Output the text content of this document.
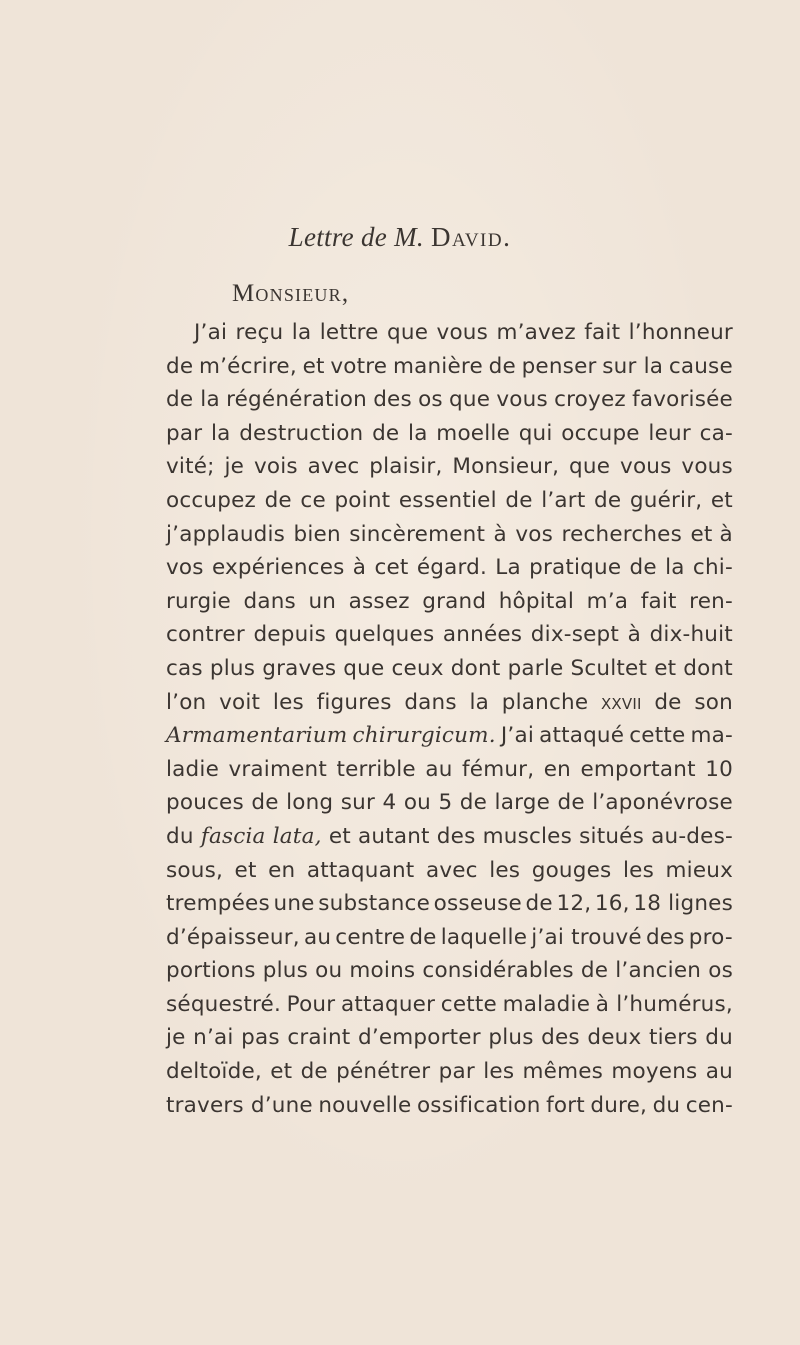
Lettre de M. David.
Monsieur,
J’ai reçu la lettre que vous m’avez fait l’honneur
de m’écrire, et votre manière de penser sur la cause
de la régénération des os que vous croyez favorisée
par la destruction de la moelle qui occupe leur ca-
vité; je vois avec plaisir, Monsieur, que vous vous
occupez de ce point essentiel de l’art de guérir, et
j’applaudis bien sincèrement à vos recherches et à
vos expériences à cet égard. La pratique de la chi-
rurgie dans un assez grand hôpital m’a fait ren-
contrer depuis quelques années dix-sept à dix-huit
cas plus graves que ceux dont parle Scultet et dont
l’on voit les figures dans la planche xxvii de son
Armamentarium chirurgicum. J’ai attaqué cette ma-
ladie vraiment terrible au fémur, en emportant 10
pouces de long sur 4 ou 5 de large de l’aponévrose
du fascia lata, et autant des muscles situés au-des-
sous, et en attaquant avec les gouges les mieux
trempées une substance osseuse de 12, 16, 18 lignes
d’épaisseur, au centre de laquelle j’ai trouvé des pro-
portions plus ou moins considérables de l’ancien os
séquestré. Pour attaquer cette maladie à l’humérus,
je n’ai pas craint d’emporter plus des deux tiers du
deltoïde, et de pénétrer par les mêmes moyens au
travers d’une nouvelle ossification fort dure, du cen-
